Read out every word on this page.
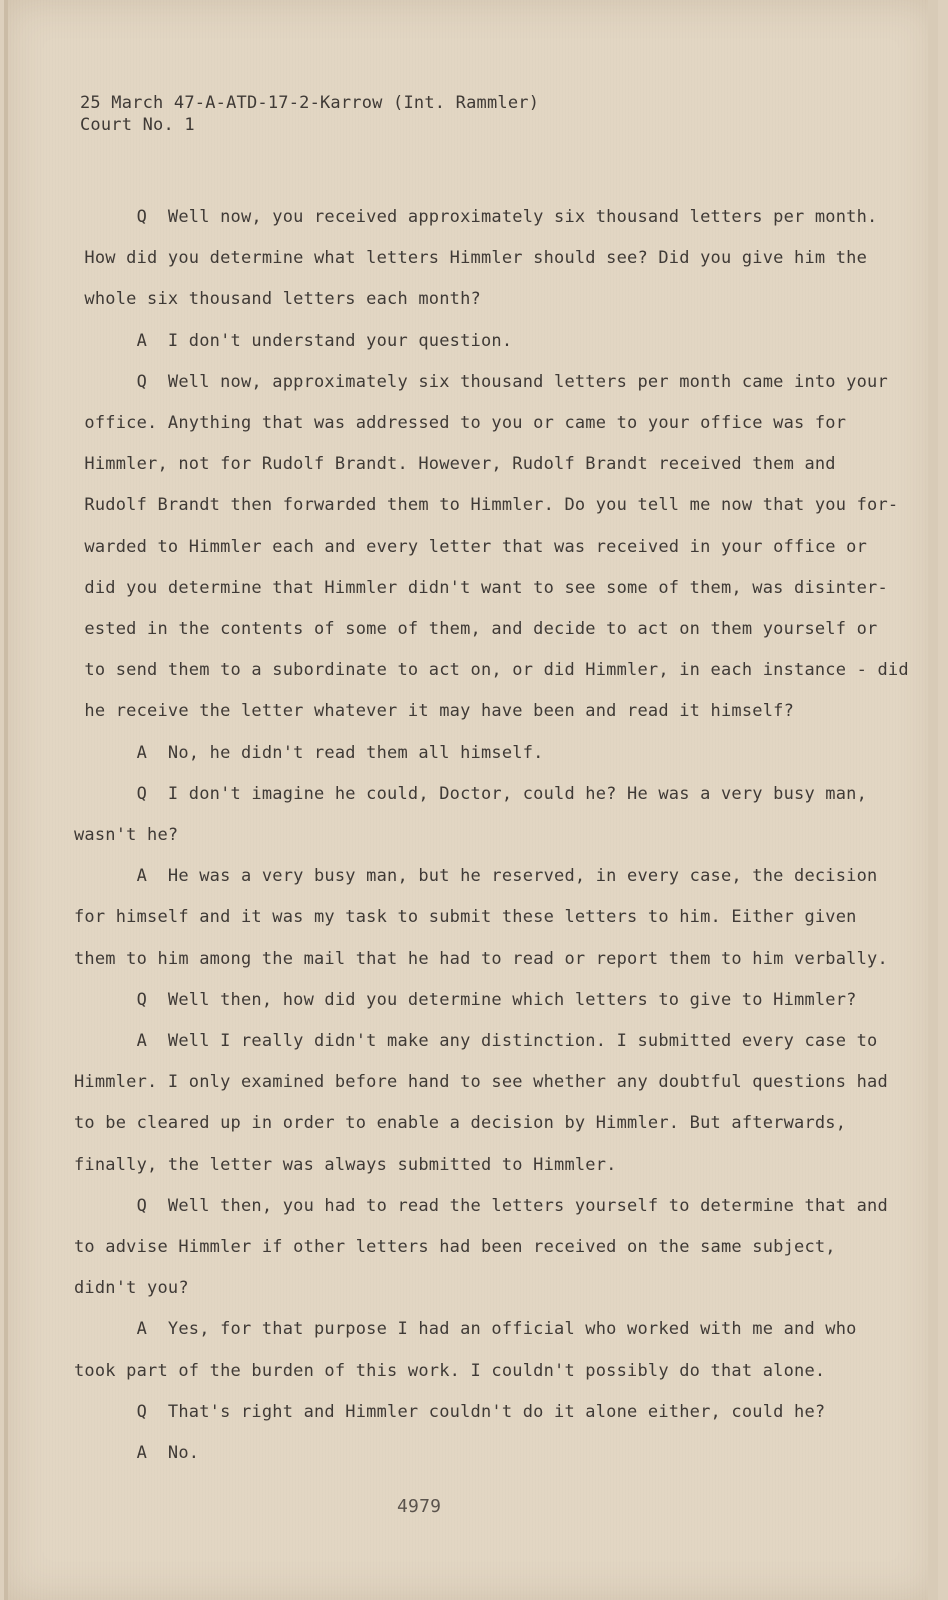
25 March 47-A-ATD-17-2-Karrow (Int. Rammler)
Court No. 1
Q  Well now, you received approximately six thousand letters per month.
How did you determine what letters Himmler should see? Did you give him the
whole six thousand letters each month?
A  I don't understand your question.
Q  Well now, approximately six thousand letters per month came into your
office. Anything that was addressed to you or came to your office was for
Himmler, not for Rudolf Brandt. However, Rudolf Brandt received them and
Rudolf Brandt then forwarded them to Himmler. Do you tell me now that you for-
warded to Himmler each and every letter that was received in your office or
did you determine that Himmler didn't want to see some of them, was disinter-
ested in the contents of some of them, and decide to act on them yourself or
to send them to a subordinate to act on, or did Himmler, in each instance - did
he receive the letter whatever it may have been and read it himself?
A  No, he didn't read them all himself.
Q  I don't imagine he could, Doctor, could he? He was a very busy man,
wasn't he?
A  He was a very busy man, but he reserved, in every case, the decision
for himself and it was my task to submit these letters to him. Either given
them to him among the mail that he had to read or report them to him verbally.
Q  Well then, how did you determine which letters to give to Himmler?
A  Well I really didn't make any distinction. I submitted every case to
Himmler. I only examined before hand to see whether any doubtful questions had
to be cleared up in order to enable a decision by Himmler. But afterwards,
finally, the letter was always submitted to Himmler.
Q  Well then, you had to read the letters yourself to determine that and
to advise Himmler if other letters had been received on the same subject,
didn't you?
A  Yes, for that purpose I had an official who worked with me and who
took part of the burden of this work. I couldn't possibly do that alone.
Q  That's right and Himmler couldn't do it alone either, could he?
A  No.
4979
